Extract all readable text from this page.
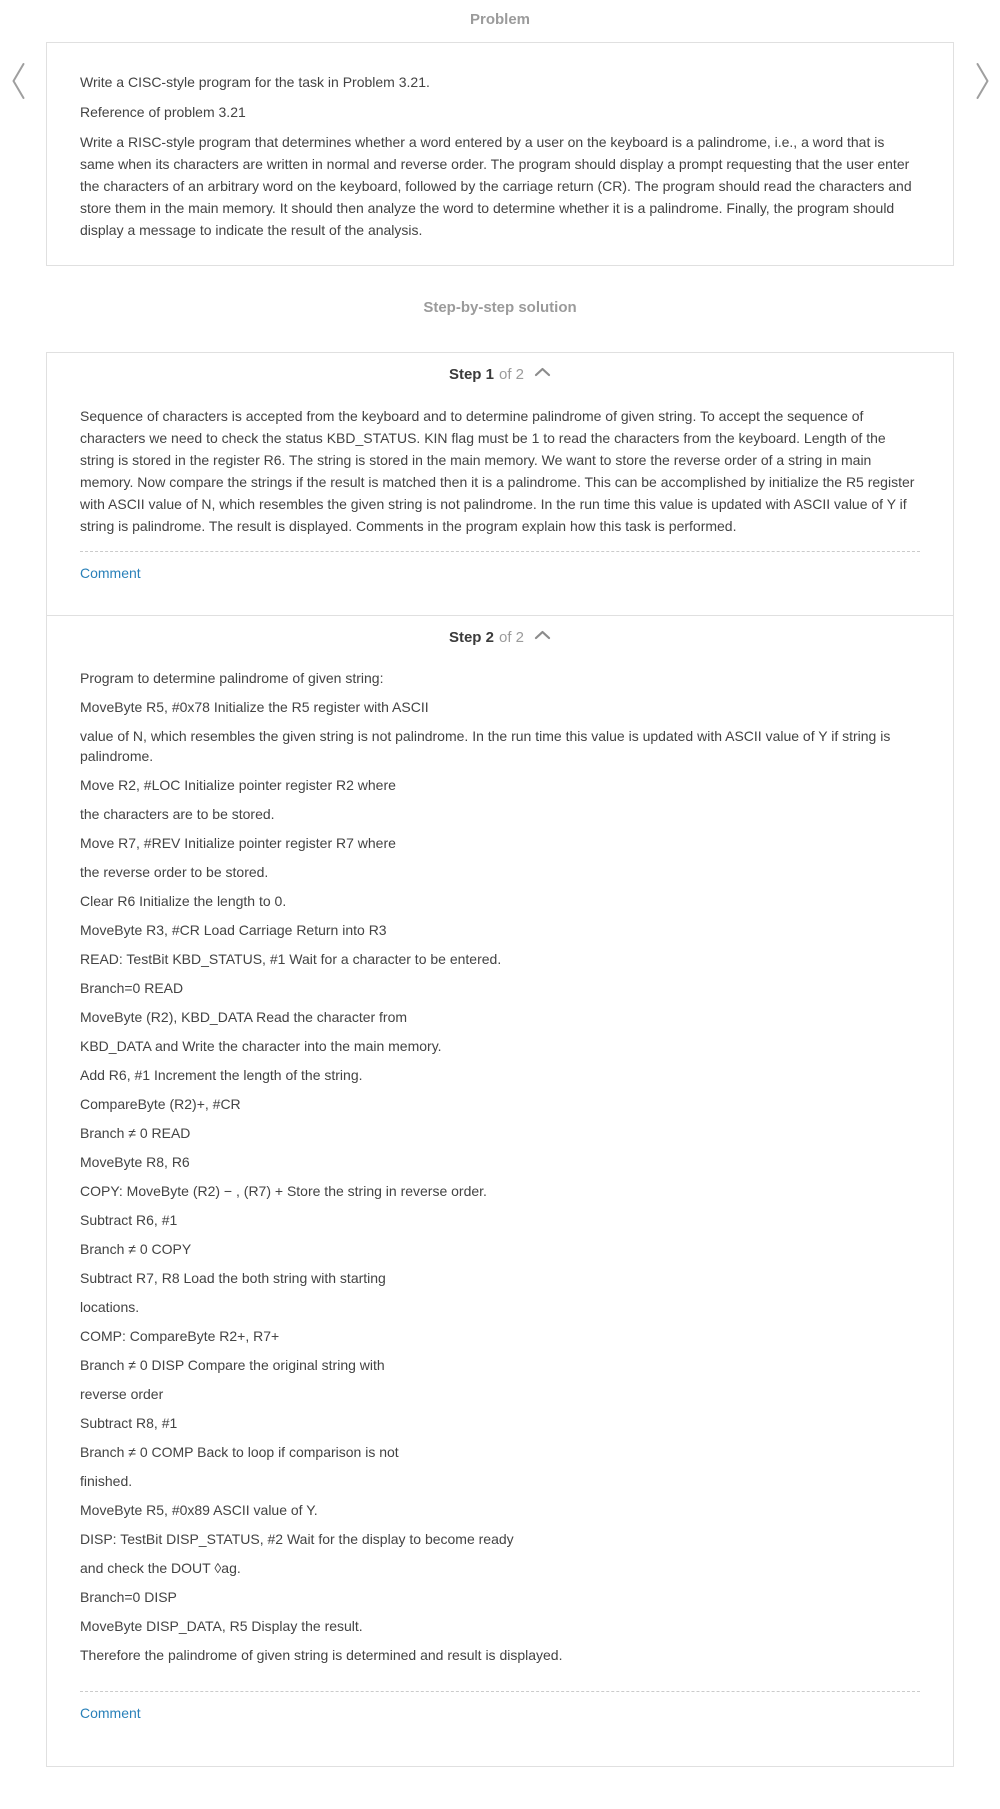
Problem

Write a CISC-style program for the task in Problem 3.21.

Reference of problem 3.21

Write a RISC-style program that determines whether a word entered by a user on the keyboard is a palindrome, i.e., a word that is same when its characters are written in normal and reverse order. The program should display a prompt requesting that the user enter the characters of an arbitrary word on the keyboard, followed by the carriage return (CR). The program should read the characters and store them in the main memory. It should then analyze the word to determine whether it is a palindrome. Finally, the program should display a message to indicate the result of the analysis.

Step-by-step solution
Step 1 of 2

Sequence of characters is accepted from the keyboard and to determine palindrome of given string. To accept the sequence of characters we need to check the status KBD_STATUS. KIN flag must be 1 to read the characters from the keyboard. Length of the string is stored in the register R6. The string is stored in the main memory. We want to store the reverse order of a string in main memory. Now compare the strings if the result is matched then it is a palindrome. This can be accomplished by initialize the R5 register with ASCII value of N, which resembles the given string is not palindrome. In the run time this value is updated with ASCII value of Y if string is palindrome. The result is displayed. Comments in the program explain how this task is performed.

Comment
Step 2 of 2

Program to determine palindrome of given string:

MoveByte R5, #0x78 Initialize the R5 register with ASCII

value of N, which resembles the given string is not palindrome. In the run time this value is updated with ASCII value of Y if string is palindrome.

Move R2, #LOC Initialize pointer register R2 where

the characters are to be stored.

Move R7, #REV Initialize pointer register R7 where

the reverse order to be stored.

Clear R6 Initialize the length to 0.

MoveByte R3, #CR Load Carriage Return into R3

READ: TestBit KBD_STATUS, #1 Wait for a character to be entered.

Branch=0 READ

MoveByte (R2), KBD_DATA Read the character from

KBD_DATA and Write the character into the main memory.

Add R6, #1 Increment the length of the string.

CompareByte (R2)+, #CR

Branch ≠ 0 READ

MoveByte R8, R6

COPY: MoveByte (R2) − , (R7) + Store the string in reverse order.

Subtract R6, #1

Branch ≠ 0 COPY

Subtract R7, R8 Load the both string with starting

locations.

COMP: CompareByte R2+, R7+

Branch ≠ 0 DISP Compare the original string with

reverse order

Subtract R8, #1

Branch ≠ 0 COMP Back to loop if comparison is not

finished.

MoveByte R5, #0x89 ASCII value of Y.

DISP: TestBit DISP_STATUS, #2 Wait for the display to become ready

and check the DOUT ◊ag.

Branch=0 DISP

MoveByte DISP_DATA, R5 Display the result.

Therefore the palindrome of given string is determined and result is displayed.

Comment
